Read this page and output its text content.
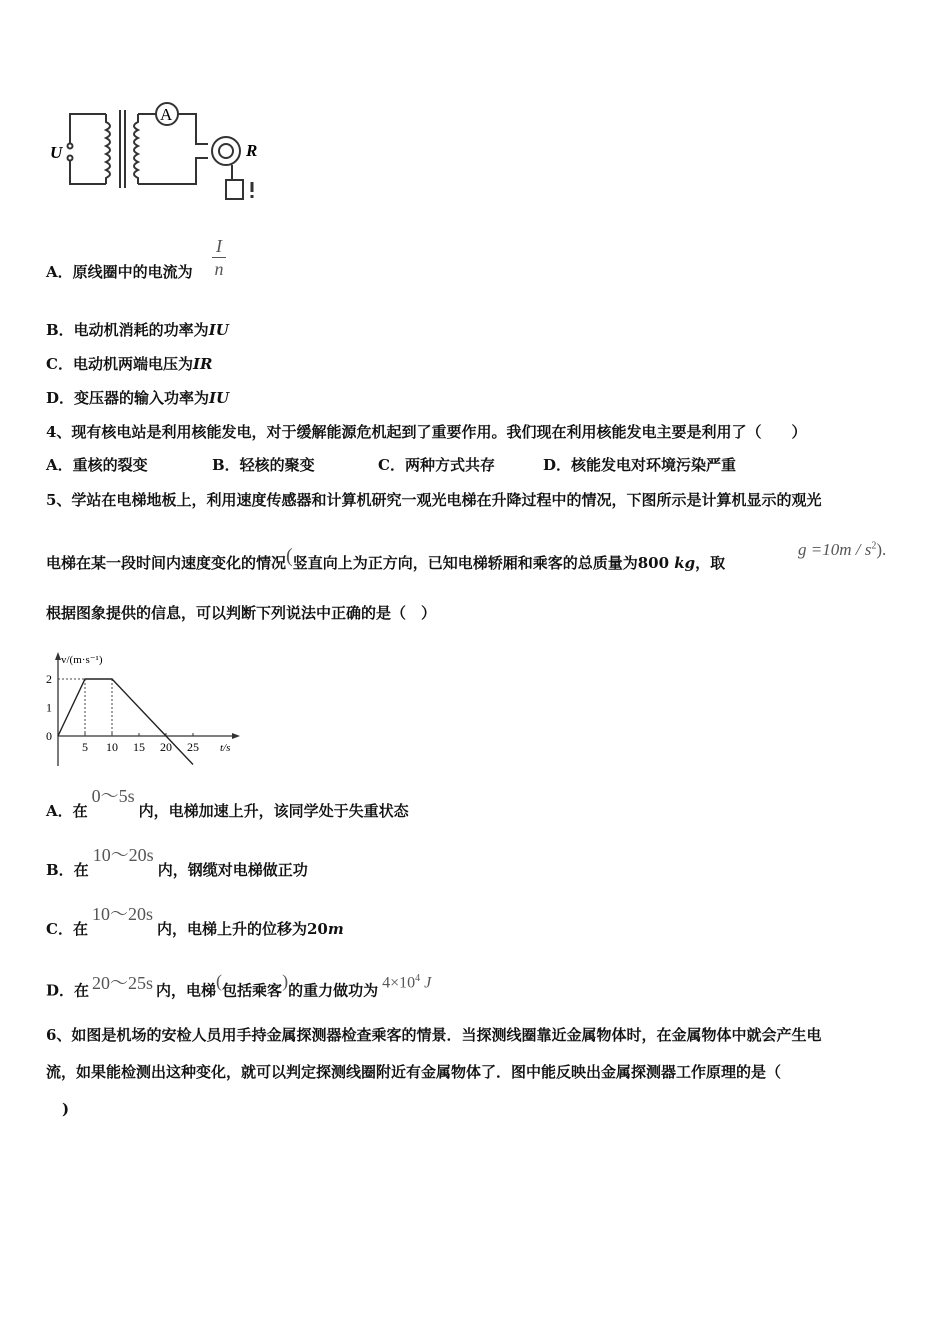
U
A
R
A．原线圈中的电流为
I
n
B．电动机消耗的功率为IU
C．电动机两端电压为IR
D．变压器的输入功率为IU
4、现有核电站是利用核能发电，对于缓解能源危机起到了重要作用。我们现在利用核能发电主要是利用了（　　）
A．重核的裂变	B．轻核的聚变	C．两种方式共存	D．核能发电对环境污染严重
5、学站在电梯地板上，利用速度传感器和计算机研究一观光电梯在升降过程中的情况，下图所示是计算机显示的观光
电梯在某一段时间内速度变化的情况(竖直向上为正方向，已知电梯轿厢和乘客的总质量为800 kg，取
$g =10m / s^2$).
根据图象提供的信息，可以判断下列说法中正确的是（　）
v/(m·s⁻¹)
t/s
5 10 15 20 25
0
1
2
A．在0～5s内，电梯加速上升，该同学处于失重状态
B．在10～20s内，钢缆对电梯做正功
C．在10～20s内，电梯上升的位移为20m
D．在 20～25s 内，电梯(包括乘客)的重力做功为 $4\times 10^4$ J
6、如图是机场的安检人员用手持金属探测器检查乘客的情景．当探测线圈靠近金属物体时，在金属物体中就会产生电
流，如果能检测出这种变化，就可以判定探测线圈附近有金属物体了．图中能反映出金属探测器工作原理的是（
)
